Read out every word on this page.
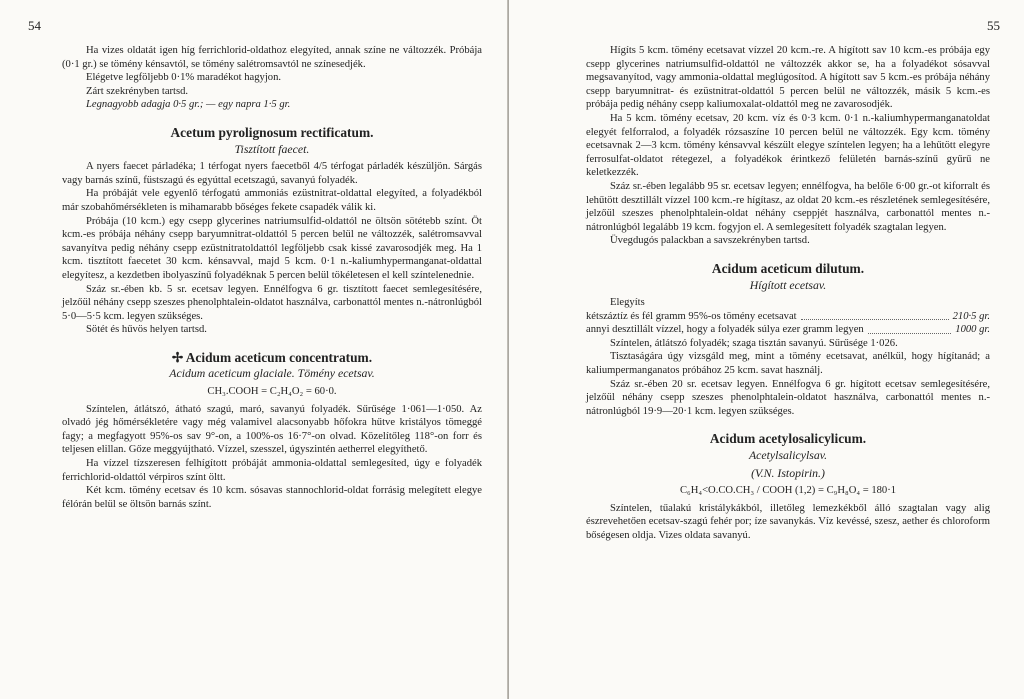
54

Ha vizes oldatát igen híg ferrichlorid-oldathoz elegyíted, annak színe ne változzék. Próbája (0·1 gr.) se tömény kénsavtól, se tömény salétromsavtól ne színesedjék.

Elégetve legföljebb 0·1% maradékot hagyjon.

Zárt szekrényben tartsd.

Legnagyobb adagja 0·5 gr.; — egy napra 1·5 gr.

Acetum pyrolignosum rectificatum.
Tisztított faecet.

A nyers faecet párladéka; 1 térfogat nyers faecetből 4/5 térfogat párladék készüljön. Sárgás vagy barnás színű, füstszagú és egyúttal ecetszagú, savanyú folyadék.

Ha próbáját vele egyenlő térfogatú ammoniás ezüstnitrat-oldattal elegyíted, a folyadékból már szobahőmérsékleten is mihamarabb bőséges fekete csapadék válik ki.

Próbája (10 kcm.) egy csepp glycerines natriumsulfid-oldattól ne öltsön sötétebb színt. Öt kcm.-es próbája néhány csepp baryumnitrat-oldattól 5 percen belül ne változzék, salétromsavval savanyítva pedig néhány csepp ezüstnitratoldattól legföljebb csak kissé zavarosodjék meg. Ha 1 kcm. tisztított faecetet 30 kcm. kénsavval, majd 5 kcm. 0·1 n.-kaliumhypermanganat-oldattal elegyítesz, a kezdetben ibolyaszínű folyadéknak 5 percen belül tökéletesen el kell színtelenednie.

Száz sr.-ében kb. 5 sr. ecetsav legyen. Ennélfogva 6 gr. tisztított faecet semlegesítésére, jelzőül néhány csepp szeszes phenolphtalein-oldatot használva, carbonattól mentes n.-nátronlúgból 5·0—5·5 kcm. legyen szükséges.

Sötét és hűvös helyen tartsd.

✢ Acidum aceticum concentratum.
Acidum aceticum glaciale. Tömény ecetsav.
CH₃.COOH = C₂H₄O₂ = 60·0.

Színtelen, átlátszó, átható szagú, maró, savanyú folyadék. Sűrűsége 1·061—1·050. Az olvadó jég hőmérsékletére vagy még valamivel alacsonyabb hőfokra hűtve kristályos tömeggé fagy; a megfagyott 95%-os sav 9°-on, a 100%-os 16·7°-on olvad. Közelítőleg 118°-on forr és teljesen elillan. Gőze meggyújtható. Vízzel, szesszel, úgyszintén aetherrel elegyíthető.

Ha vízzel tízszeresen felhígított próbáját ammonia-oldattal semlegesíted, úgy e folyadék ferrichlorid-oldattól vérpiros színt öltt.

Két kcm. tömény ecetsav és 10 kcm. sósavas stannochlorid-oldat forrásig melegített elegye félórán belül se öltsön barnás színt.

55

Hígíts 5 kcm. tömény ecetsavat vízzel 20 kcm.-re. A hígított sav 10 kcm.-es próbája egy csepp glycerines natriumsulfid-oldattól ne változzék akkor se, ha a folyadékot sósavval megsavanyítod, vagy ammonia-oldattal meglúgosítod. A hígított sav 5 kcm.-es próbája néhány csepp baryumnitrat- és ezüstnitrat-oldattól 5 percen belül ne változzék, másik 5 kcm.-es próbája pedig néhány csepp kaliumoxalat-oldattól meg ne zavarosodjék.

Ha 5 kcm. tömény ecetsav, 20 kcm. víz és 0·3 kcm. 0·1 n.-kaliumhypermanganatoldat elegyét felforralod, a folyadék rózsaszíne 10 percen belül ne változzék. Egy kcm. tömény ecetsavnak 2—3 kcm. tömény kénsavval készült elegye színtelen legyen; ha a lehűtött elegyre ferrosulfat-oldatot rétegezel, a folyadékok érintkező felületén barnás-színű gyűrű ne keletkezzék.

Száz sr.-ében legalább 95 sr. ecetsav legyen; ennélfogva, ha belőle 6·00 gr.-ot kiforralt és lehűtött desztillált vízzel 100 kcm.-re hígítasz, az oldat 20 kcm.-es részletének semlegesítésére, jelzőül szeszes phenolphtalein-oldat néhány cseppjét használva, carbonattól mentes n.-nátronlúgból legalább 19 kcm. fogyjon el. A semlegesített folyadék szagtalan legyen.

Üvegdugós palackban a savszekrényben tartsd.

Acidum aceticum dilutum.
Hígított ecetsav.

Elegyíts

kétszáztíz és fél gramm 95%-os tömény ecetsavat	210·5 gr.
annyi desztillált vízzel, hogy a folyadék súlya ezer gramm legyen	1000 gr.

Színtelen, átlátszó folyadék; szaga tisztán savanyú. Sűrűsége 1·026.

Tisztaságára úgy vizsgáld meg, mint a tömény ecetsavat, anélkül, hogy hígítanád; a kaliumpermanganatos próbához 25 kcm. savat használj.

Száz sr.-ében 20 sr. ecetsav legyen. Ennélfogva 6 gr. hígított ecetsav semlegesítésére, jelzőül néhány csepp szeszes phenolphtalein-oldatot használva, carbonattól mentes n.-nátronlúgból 19·9—20·1 kcm. legyen szükséges.

Acidum acetylosalicylicum.
Acetylsalicylsav.
(V.N. Istopirin.)
C₆H₄<O.CO.CH₃ / COOH (1,2) = C₉H₈O₄ = 180·1

Színtelen, tűalakú kristálykákból, illetőleg lemezkékből álló szagtalan vagy alig észrevehetően ecetsav-szagú fehér por; íze savanykás. Víz kevéssé, szesz, aether és chloroform bőségesen oldja. Vizes oldata savanyú.
